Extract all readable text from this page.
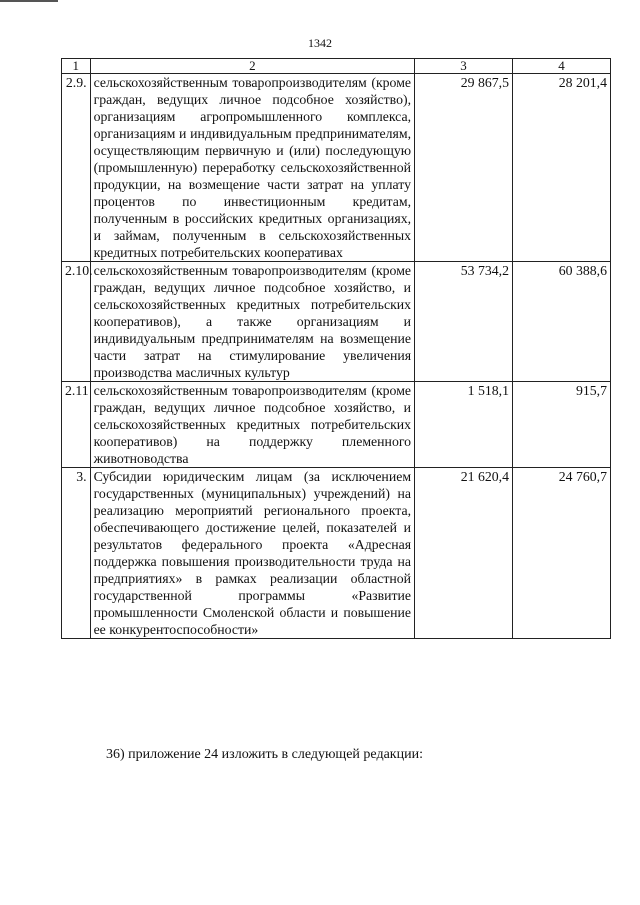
1342
1	2	3	4
2.9.	сельскохозяйственным товаропроизводителям (кроме граждан, ведущих личное подсобное хозяйство), организациям агропромышленного комплекса, организациям и индивидуальным предпринимателям, осуществляющим первичную и (или) последующую (промышленную) переработку сельскохозяйственной продукции, на возмещение части затрат на уплату процентов по инвестиционным кредитам, полученным в российских кредитных организациях, и займам, полученным в сельскохозяйственных кредитных потребительских кооперативах	29 867,5	28 201,4
2.10.	сельскохозяйственным товаропроизводителям (кроме граждан, ведущих личное подсобное хозяйство, и сельскохозяйственных кредитных потребительских кооперативов), а также организациям и индивидуальным предпринимателям на возмещение части затрат на стимулирование увеличения производства масличных культур	53 734,2	60 388,6
2.11	сельскохозяйственным товаропроизводителям (кроме граждан, ведущих личное подсобное хозяйство, и сельскохозяйственных кредитных потребительских кооперативов) на поддержку племенного животноводства	1 518,1	915,7
3.	Субсидии юридическим лицам (за исключением государственных (муниципальных) учреждений) на реализацию мероприятий регионального проекта, обеспечивающего достижение целей, показателей и результатов федерального проекта «Адресная поддержка повышения производительности труда на предприятиях» в рамках реализации областной государственной программы «Развитие промышленности Смоленской области и повышение ее конкурентоспособности»	21 620,4	24 760,7
36) приложение 24 изложить в следующей редакции:
